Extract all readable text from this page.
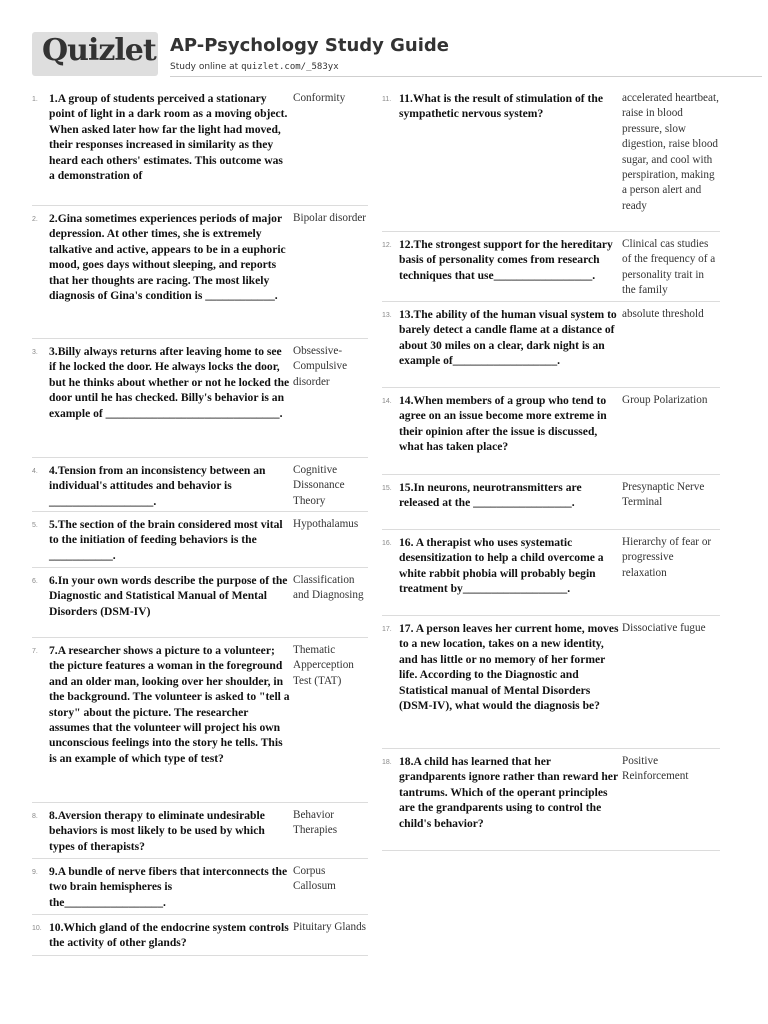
Quizlet AP-Psychology Study Guide
Study online at quizlet.com/_583yx
1. 1.A group of students perceived a stationary point of light in a dark room as a moving object. When asked later how far the light had moved, their responses increased in similarity as they heard each others' estimates. This outcome was a demonstration of
Conformity
2. 2.Gina sometimes experiences periods of major depression. At other times, she is extremely talkative and active, appears to be in a euphoric mood, goes days without sleeping, and reports that her thoughts are racing. The most likely diagnosis of Gina's condition is ____________.
Bipolar disorder
3. 3.Billy always returns after leaving home to see if he locked the door. He always locks the door, but he thinks about whether or not he locked the door until he has checked. Billy's behavior is an example of ______________________________.
Obsessive-Compulsive disorder
4. 4.Tension from an inconsistency between an individual's attitudes and behavior is __________________.
Cognitive Dissonance Theory
5. 5.The section of the brain considered most vital to the initiation of feeding behaviors is the ___________.
Hypothalamus
6. 6.In your own words describe the purpose of the Diagnostic and Statistical Manual of Mental Disorders (DSM-IV)
Classification and Diagnosing
7. 7.A researcher shows a picture to a volunteer; the picture features a woman in the foreground and an older man, looking over her shoulder, in the background. The volunteer is asked to "tell a story" about the picture. The researcher assumes that the volunteer will project his own unconscious feelings into the story he tells. This is an example of which type of test?
Thematic Apperception Test (TAT)
8. 8.Aversion therapy to eliminate undesirable behaviors is most likely to be used by which types of therapists?
Behavior Therapies
9. 9.A bundle of nerve fibers that interconnects the two brain hemispheres is the_________________.
Corpus Callosum
10. 10.Which gland of the endocrine system controls the activity of other glands?
Pituitary Glands
11. 11.What is the result of stimulation of the sympathetic nervous system?
accelerated heartbeat, raise in blood pressure, slow digestion, raise blood sugar, and cool with perspiration, making a person alert and ready
12. 12.The strongest support for the hereditary basis of personality comes from research techniques that use_________________.
Clinical cas studies of the frequency of a personality trait in the family
13. 13.The ability of the human visual system to barely detect a candle flame at a distance of about 30 miles on a clear, dark night is an example of__________________.
absolute threshold
14. 14.When members of a group who tend to agree on an issue become more extreme in their opinion after the issue is discussed, what has taken place?
Group Polarization
15. 15.In neurons, neurotransmitters are released at the _________________.
Presynaptic Nerve Terminal
16. 16. A therapist who uses systematic desensitization to help a child overcome a white rabbit phobia will probably begin treatment by__________________.
Hierarchy of fear or progressive relaxation
17. 17. A person leaves her current home, moves to a new location, takes on a new identity, and has little or no memory of her former life. According to the Diagnostic and Statistical manual of Mental Disorders (DSM-IV), what would the diagnosis be?
Dissociative fugue
18. 18.A child has learned that her grandparents ignore rather than reward her tantrums. Which of the operant principles are the grandparents using to control the child's behavior?
Positive Reinforcement
